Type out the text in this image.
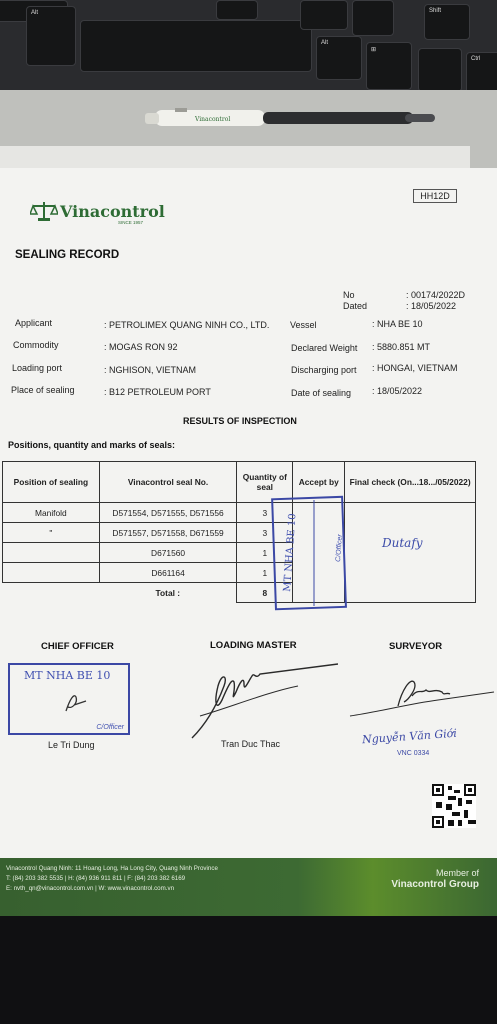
Alt
Alt
⊞
Ctrl
Shift
Vinacontrol
HH12D
Vinacontrol
SINCE 1957
SEALING RECORD
No	: 00174/2022D
Dated	: 18/05/2022
Applicant	: PETROLIMEX QUANG NINH CO., LTD.
Commodity	: MOGAS RON 92
Loading port	: NGHISON, VIETNAM
Place of sealing	: B12 PETROLEUM PORT
Vessel	: NHA BE 10
Declared Weight : 5880.851 MT
Discharging port : HONGAI, VIETNAM
Date of sealing : 18/05/2022
RESULTS OF INSPECTION
Positions, quantity and marks of seals:
Position of sealing	Vinacontrol seal No.	Quantity of seal	Accept by	Final check (On...18.../05/2022)
Manifold	D571554, D571555, D571556	3		
"	D571557, D571558, D671559	3		
	D671560	1		
	D661164	1		
	Total :	8		
MT NHA BE 10	C/Officer	Dutafy
CHIEF OFFICER	LOADING MASTER	SURVEYOR
MT NHA BE 10
C/Officer
Le Tri Dung	Tran Duc Thac	Nguyễn Văn Giới
VNC 0334
Vinacontrol Quang Ninh: 11 Hoang Long, Ha Long City, Quang Ninh Province
T: (84) 203 382 5535 | H: (84) 936 911 811 | F: (84) 203 382 6169
E: nvth_qn@vinacontrol.com.vn | W: www.vinacontrol.com.vn
Member of
Vinacontrol Group
